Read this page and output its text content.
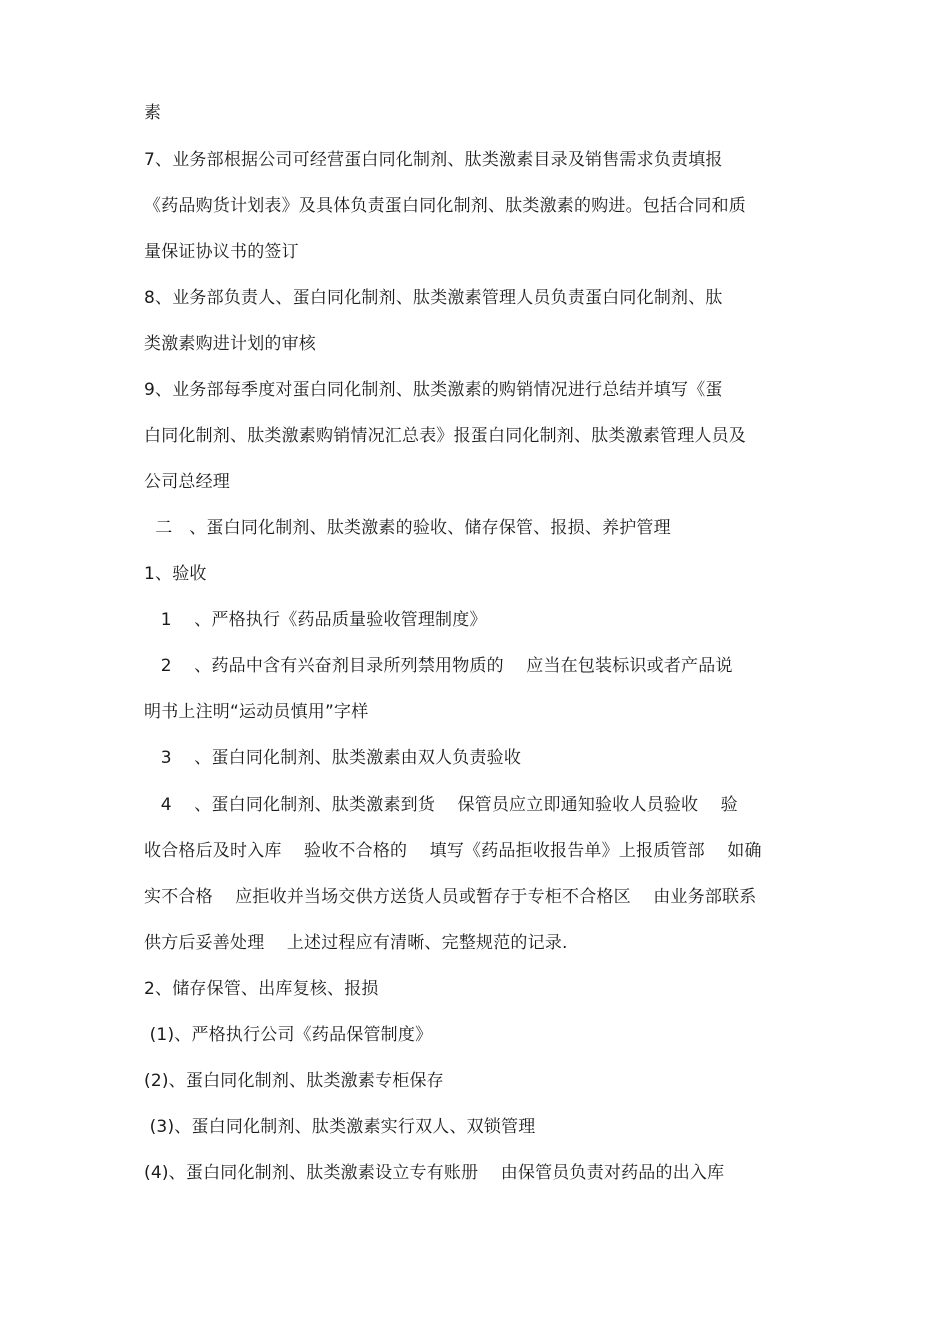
素
7、业务部根据公司可经营蛋白同化制剂、肽类激素目录及销售需求负责填报
《药品购货计划表》及具体负责蛋白同化制剂、肽类激素的购进。包括合同和质
量保证协议书的签订
8、业务部负责人、蛋白同化制剂、肽类激素管理人员负责蛋白同化制剂、肽
类激素购进计划的审核
9、业务部每季度对蛋白同化制剂、肽类激素的购销情况进行总结并填写《蛋
白同化制剂、肽类激素购销情况汇总表》报蛋白同化制剂、肽类激素管理人员及
公司总经理
二   、蛋白同化制剂、肽类激素的验收、储存保管、报损、养护管理
1、验收
1    、严格执行《药品质量验收管理制度》
2    、药品中含有兴奋剂目录所列禁用物质的    应当在包装标识或者产品说
明书上注明“运动员慎用”字样
3    、蛋白同化制剂、肽类激素由双人负责验收
4    、蛋白同化制剂、肽类激素到货    保管员应立即通知验收人员验收    验
收合格后及时入库    验收不合格的    填写《药品拒收报告单》上报质管部    如确
实不合格    应拒收并当场交供方送货人员或暂存于专柜不合格区    由业务部联系
供方后妥善处理    上述过程应有清晰、完整规范的记录.
2、储存保管、出库复核、报损
(1)、严格执行公司《药品保管制度》
(2)、蛋白同化制剂、肽类激素专柜保存
(3)、蛋白同化制剂、肽类激素实行双人、双锁管理
(4)、蛋白同化制剂、肽类激素设立专有账册    由保管员负责对药品的出入库
